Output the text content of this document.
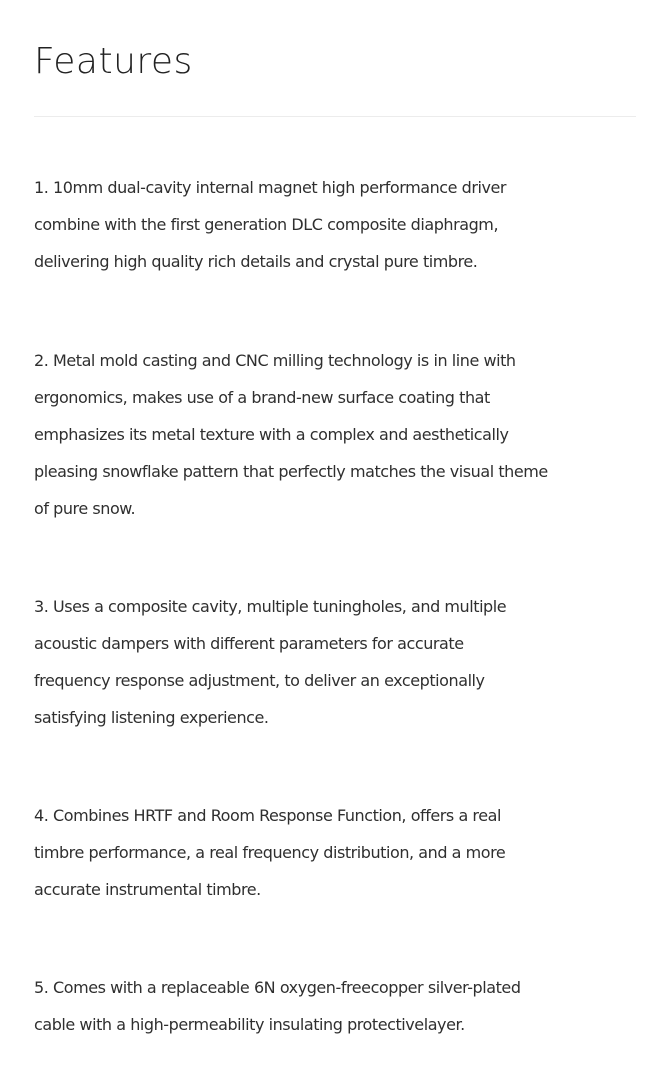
Features

1. 10mm dual-cavity internal magnet high performance driver
combine with the first generation DLC composite diaphragm,
delivering high quality rich details and crystal pure timbre.

2. Metal mold casting and CNC milling technology is in line with
ergonomics, makes use of a brand-new surface coating that
emphasizes its metal texture with a complex and aesthetically
pleasing snowflake pattern that perfectly matches the visual theme
of pure snow.

3. Uses a composite cavity, multiple tuningholes, and multiple
acoustic dampers with different parameters for accurate
frequency response adjustment, to deliver an exceptionally
satisfying listening experience.

4. Combines HRTF and Room Response Function, offers a real
timbre performance, a real frequency distribution, and a more
accurate instrumental timbre.

5. Comes with a replaceable 6N oxygen-freecopper silver-plated
cable with a high-permeability insulating protectivelayer.
